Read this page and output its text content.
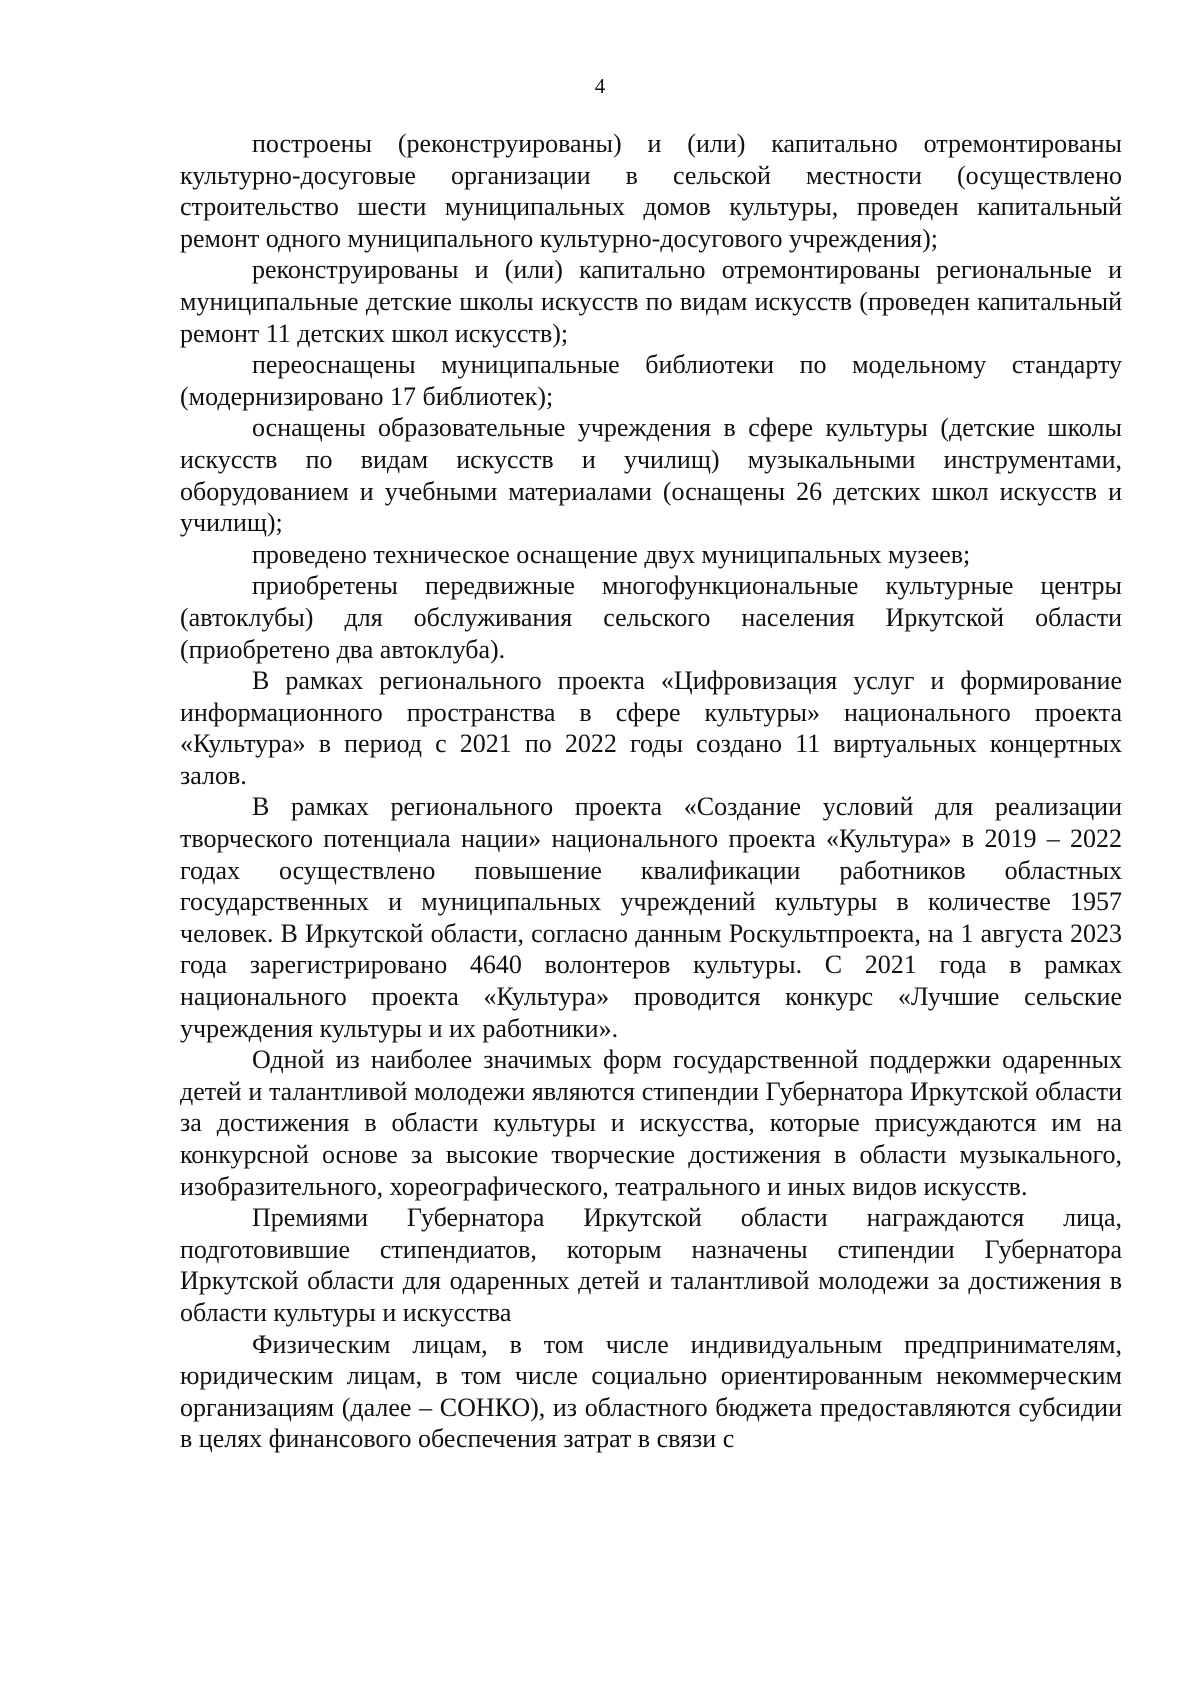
4

построены (реконструированы) и (или) капитально отремонтированы культурно-досуговые организации в сельской местности (осуществлено строительство шести муниципальных домов культуры, проведен капитальный ремонт одного муниципального культурно-досугового учреждения);

реконструированы и (или) капитально отремонтированы региональные и муниципальные детские школы искусств по видам искусств (проведен капитальный ремонт 11 детских школ искусств);

переоснащены муниципальные библиотеки по модельному стандарту (модернизировано 17 библиотек);

оснащены образовательные учреждения в сфере культуры (детские школы искусств по видам искусств и училищ) музыкальными инструментами, оборудованием и учебными материалами (оснащены 26 детских школ искусств и училищ);

проведено техническое оснащение двух муниципальных музеев;

приобретены передвижные многофункциональные культурные центры (автоклубы) для обслуживания сельского населения Иркутской области (приобретено два автоклуба).

В рамках регионального проекта «Цифровизация услуг и формирование информационного пространства в сфере культуры» национального проекта «Культура» в период с 2021 по 2022 годы создано 11 виртуальных концертных залов.

В рамках регионального проекта «Создание условий для реализации творческого потенциала нации» национального проекта «Культура» в 2019 – 2022 годах осуществлено повышение квалификации работников областных государственных и муниципальных учреждений культуры в количестве 1957 человек. В Иркутской области, согласно данным Роскультпроекта, на 1 августа 2023 года зарегистрировано 4640 волонтеров культуры. С 2021 года в рамках национального проекта «Культура» проводится конкурс «Лучшие сельские учреждения культуры и их работники».

Одной из наиболее значимых форм государственной поддержки одаренных детей и талантливой молодежи являются стипендии Губернатора Иркутской области за достижения в области культуры и искусства, которые присуждаются им на конкурсной основе за высокие творческие достижения в области музыкального, изобразительного, хореографического, театрального и иных видов искусств.

Премиями Губернатора Иркутской области награждаются лица, подготовившие стипендиатов, которым назначены стипендии Губернатора Иркутской области для одаренных детей и талантливой молодежи за достижения в области культуры и искусства

Физическим лицам, в том числе индивидуальным предпринимателям, юридическим лицам, в том числе социально ориентированным некоммерческим организациям (далее – СОНКО), из областного бюджета предоставляются субсидии в целях финансового обеспечения затрат в связи с
